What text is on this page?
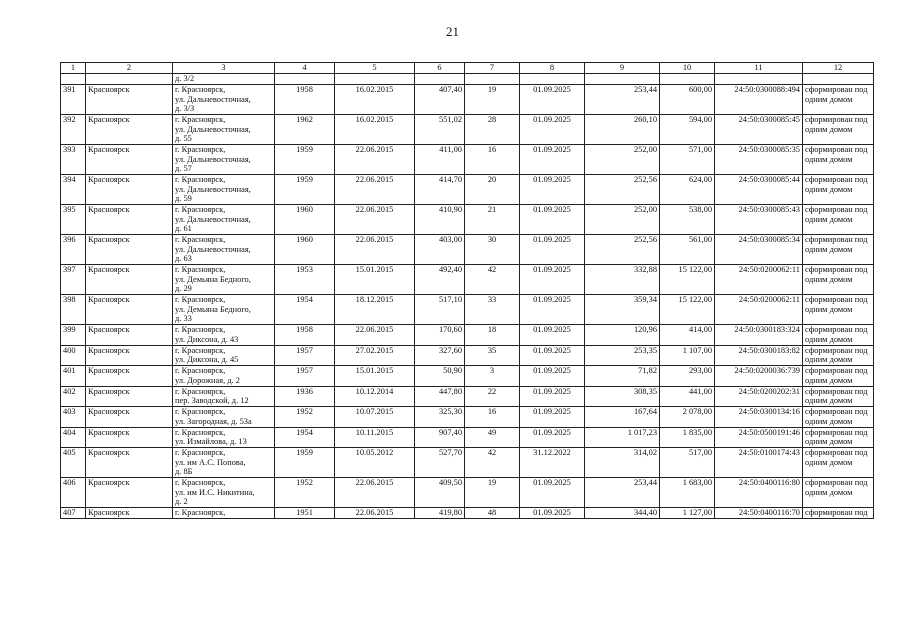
21
1	2	3	4	5	6	7	8	9	10	11	12
		д. 3/2									
391	Красноярск	г. Красноярск,
ул. Дальневосточная,
д. 3/3	1958	16.02.2015	407,40	19	01.09.2025	253,44	600,00	24:50:0300088:494	сформирован под
одним домом
392	Красноярск	г. Красноярск,
ул. Дальневосточная,
д. 55	1962	16.02.2015	551,02	28	01.09.2025	260,10	594,00	24:50:0300085:45	сформирован под
одним домом
393	Красноярск	г. Красноярск,
ул. Дальневосточная,
д. 57	1959	22.06.2015	411,00	16	01.09.2025	252,00	571,00	24:50:0300085:35	сформирован под
одним домом
394	Красноярск	г. Красноярск,
ул. Дальневосточная,
д. 59	1959	22.06.2015	414,70	20	01.09.2025	252,56	624,00	24:50:0300085:44	сформирован под
одним домом
395	Красноярск	г. Красноярск,
ул. Дальневосточная,
д. 61	1960	22.06.2015	410,90	21	01.09.2025	252,00	538,00	24:50:0300085:43	сформирован под
одним домом
396	Красноярск	г. Красноярск,
ул. Дальневосточная,
д. 63	1960	22.06.2015	403,00	30	01.09.2025	252,56	561,00	24:50:0300085:34	сформирован под
одним домом
397	Красноярск	г. Красноярск,
ул. Демьяна Бедного,
д. 29	1953	15.01.2015	492,40	42	01.09.2025	332,88	15 122,00	24:50:0200062:11	сформирован под
одним домом
398	Красноярск	г. Красноярск,
ул. Демьяна Бедного,
д. 33	1954	18.12.2015	517,10	33	01.09.2025	359,34	15 122,00	24:50:0200062:11	сформирован под
одним домом
399	Красноярск	г. Красноярск,
ул. Диксона, д. 43	1958	22.06.2015	170,60	18	01.09.2025	120,96	414,00	24:50:0300183:324	сформирован под
одним домом
400	Красноярск	г. Красноярск,
ул. Диксона, д. 45	1957	27.02.2015	327,60	35	01.09.2025	253,35	1 107,00	24:50:0300183:82	сформирован под
одним домом
401	Красноярск	г. Красноярск,
ул. Дорожная, д. 2	1957	15.01.2015	50,90	3	01.09.2025	71,82	293,00	24:50:0200036:739	сформирован под
одним домом
402	Красноярск	г. Красноярск,
пер. Заводской, д. 12	1936	10.12.2014	447,80	22	01.09.2025	308,35	441,00	24:50:0200202:31	сформирован под
одним домом
403	Красноярск	г. Красноярск,
ул. Загородная, д. 53а	1952	10.07.2015	325,30	16	01.09.2025	167,64	2 078,00	24:50:0300134:16	сформирован под
одним домом
404	Красноярск	г. Красноярск,
ул. Измайлова, д. 13	1954	10.11.2015	907,40	49	01.09.2025	1 017,23	1 835,00	24:50:0500191:46	сформирован под
одним домом
405	Красноярск	г. Красноярск,
ул. им А.С. Попова,
д. 8Б	1959	10.05.2012	527,70	42	31.12.2022	314,02	517,00	24:50:0100174:43	сформирован под
одним домом
406	Красноярск	г. Красноярск,
ул. им И.С. Никитина,
д. 2	1952	22.06.2015	409,50	19	01.09.2025	253,44	1 683,00	24:50:0400116:80	сформирован под
одним домом
407	Красноярск	г. Красноярск,	1951	22.06.2015	419,80	48	01.09.2025	344,40	1 127,00	24:50:0400116:70	сформирован под
